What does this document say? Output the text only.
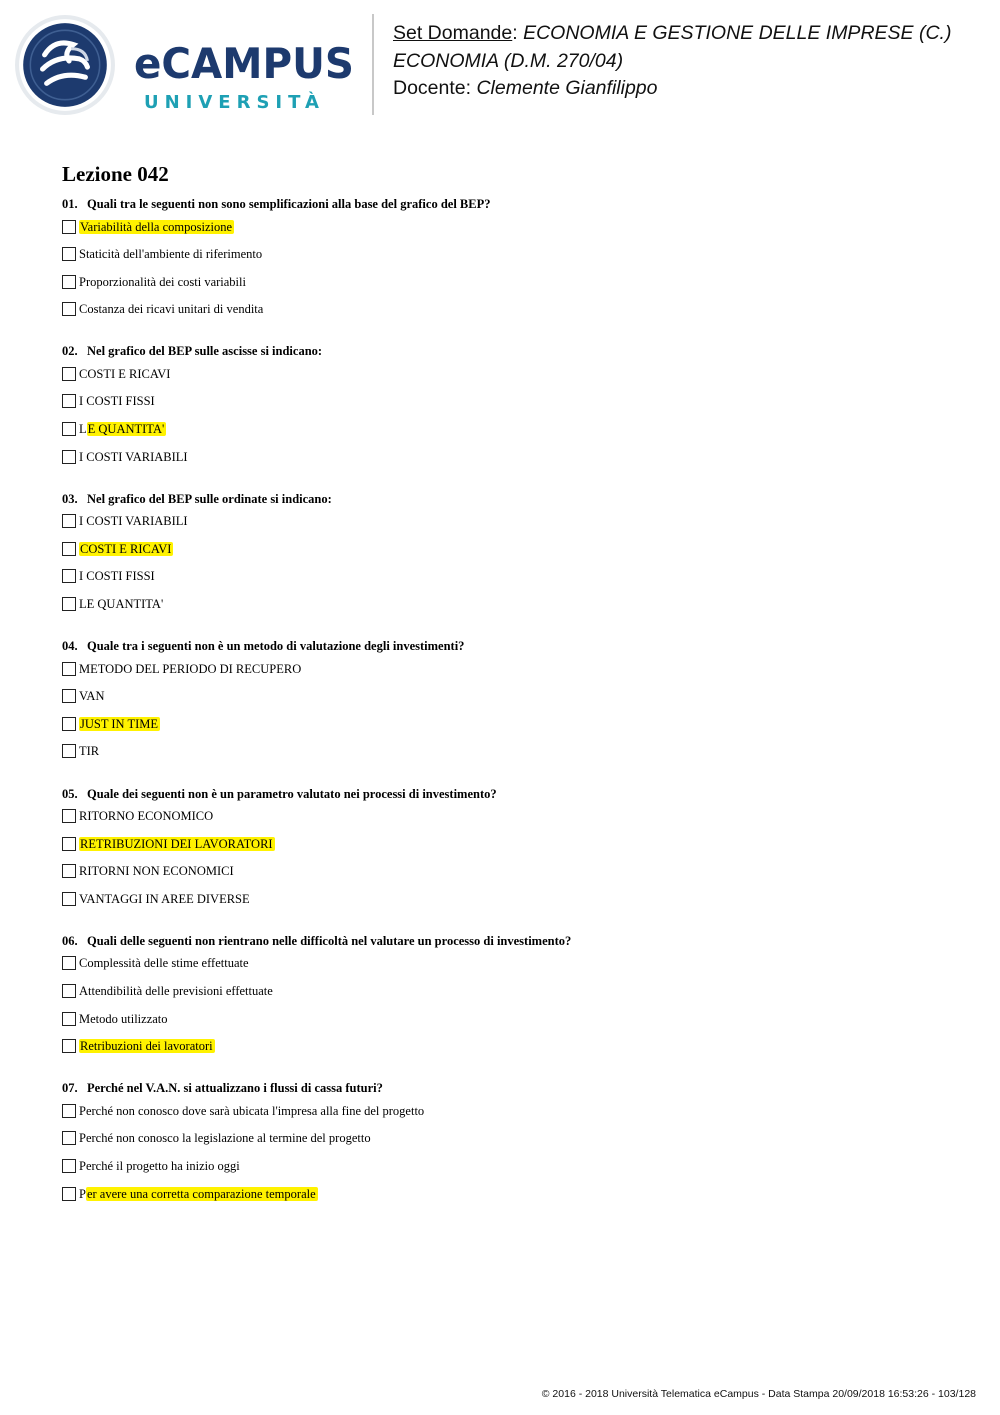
eCAMPUS
UNIVERSITÀ
Set Domande: ECONOMIA E GESTIONE DELLE IMPRESE (C.)
ECONOMIA (D.M. 270/04)
Docente: Clemente Gianfilippo
Lezione 042
01. Quali tra le seguenti non sono semplificazioni alla base del grafico del BEP?
Variabilità della composizione
Staticità dell'ambiente di riferimento
Proporzionalità dei costi variabili
Costanza dei ricavi unitari di vendita
02. Nel grafico del BEP sulle ascisse si indicano:
COSTI E RICAVI
I COSTI FISSI
LE QUANTITA'
I COSTI VARIABILI
03. Nel grafico del BEP sulle ordinate si indicano:
I COSTI VARIABILI
COSTI E RICAVI
I COSTI FISSI
LE QUANTITA'
04. Quale tra i seguenti non è un metodo di valutazione degli investimenti?
METODO DEL PERIODO DI RECUPERO
VAN
JUST IN TIME
TIR
05. Quale dei seguenti non è un parametro valutato nei processi di investimento?
RITORNO ECONOMICO
RETRIBUZIONI DEI LAVORATORI
RITORNI NON ECONOMICI
VANTAGGI IN AREE DIVERSE
06. Quali delle seguenti non rientrano nelle difficoltà nel valutare un processo di investimento?
Complessità delle stime effettuate
Attendibilità delle previsioni effettuate
Metodo utilizzato
Retribuzioni dei lavoratori
07. Perché nel V.A.N. si attualizzano i flussi di cassa futuri?
Perché non conosco dove sarà ubicata l'impresa alla fine del progetto
Perché non conosco la legislazione al termine del progetto
Perché il progetto ha inizio oggi
Per avere una corretta comparazione temporale
© 2016 - 2018 Università Telematica eCampus - Data Stampa 20/09/2018 16:53:26 - 103/128
